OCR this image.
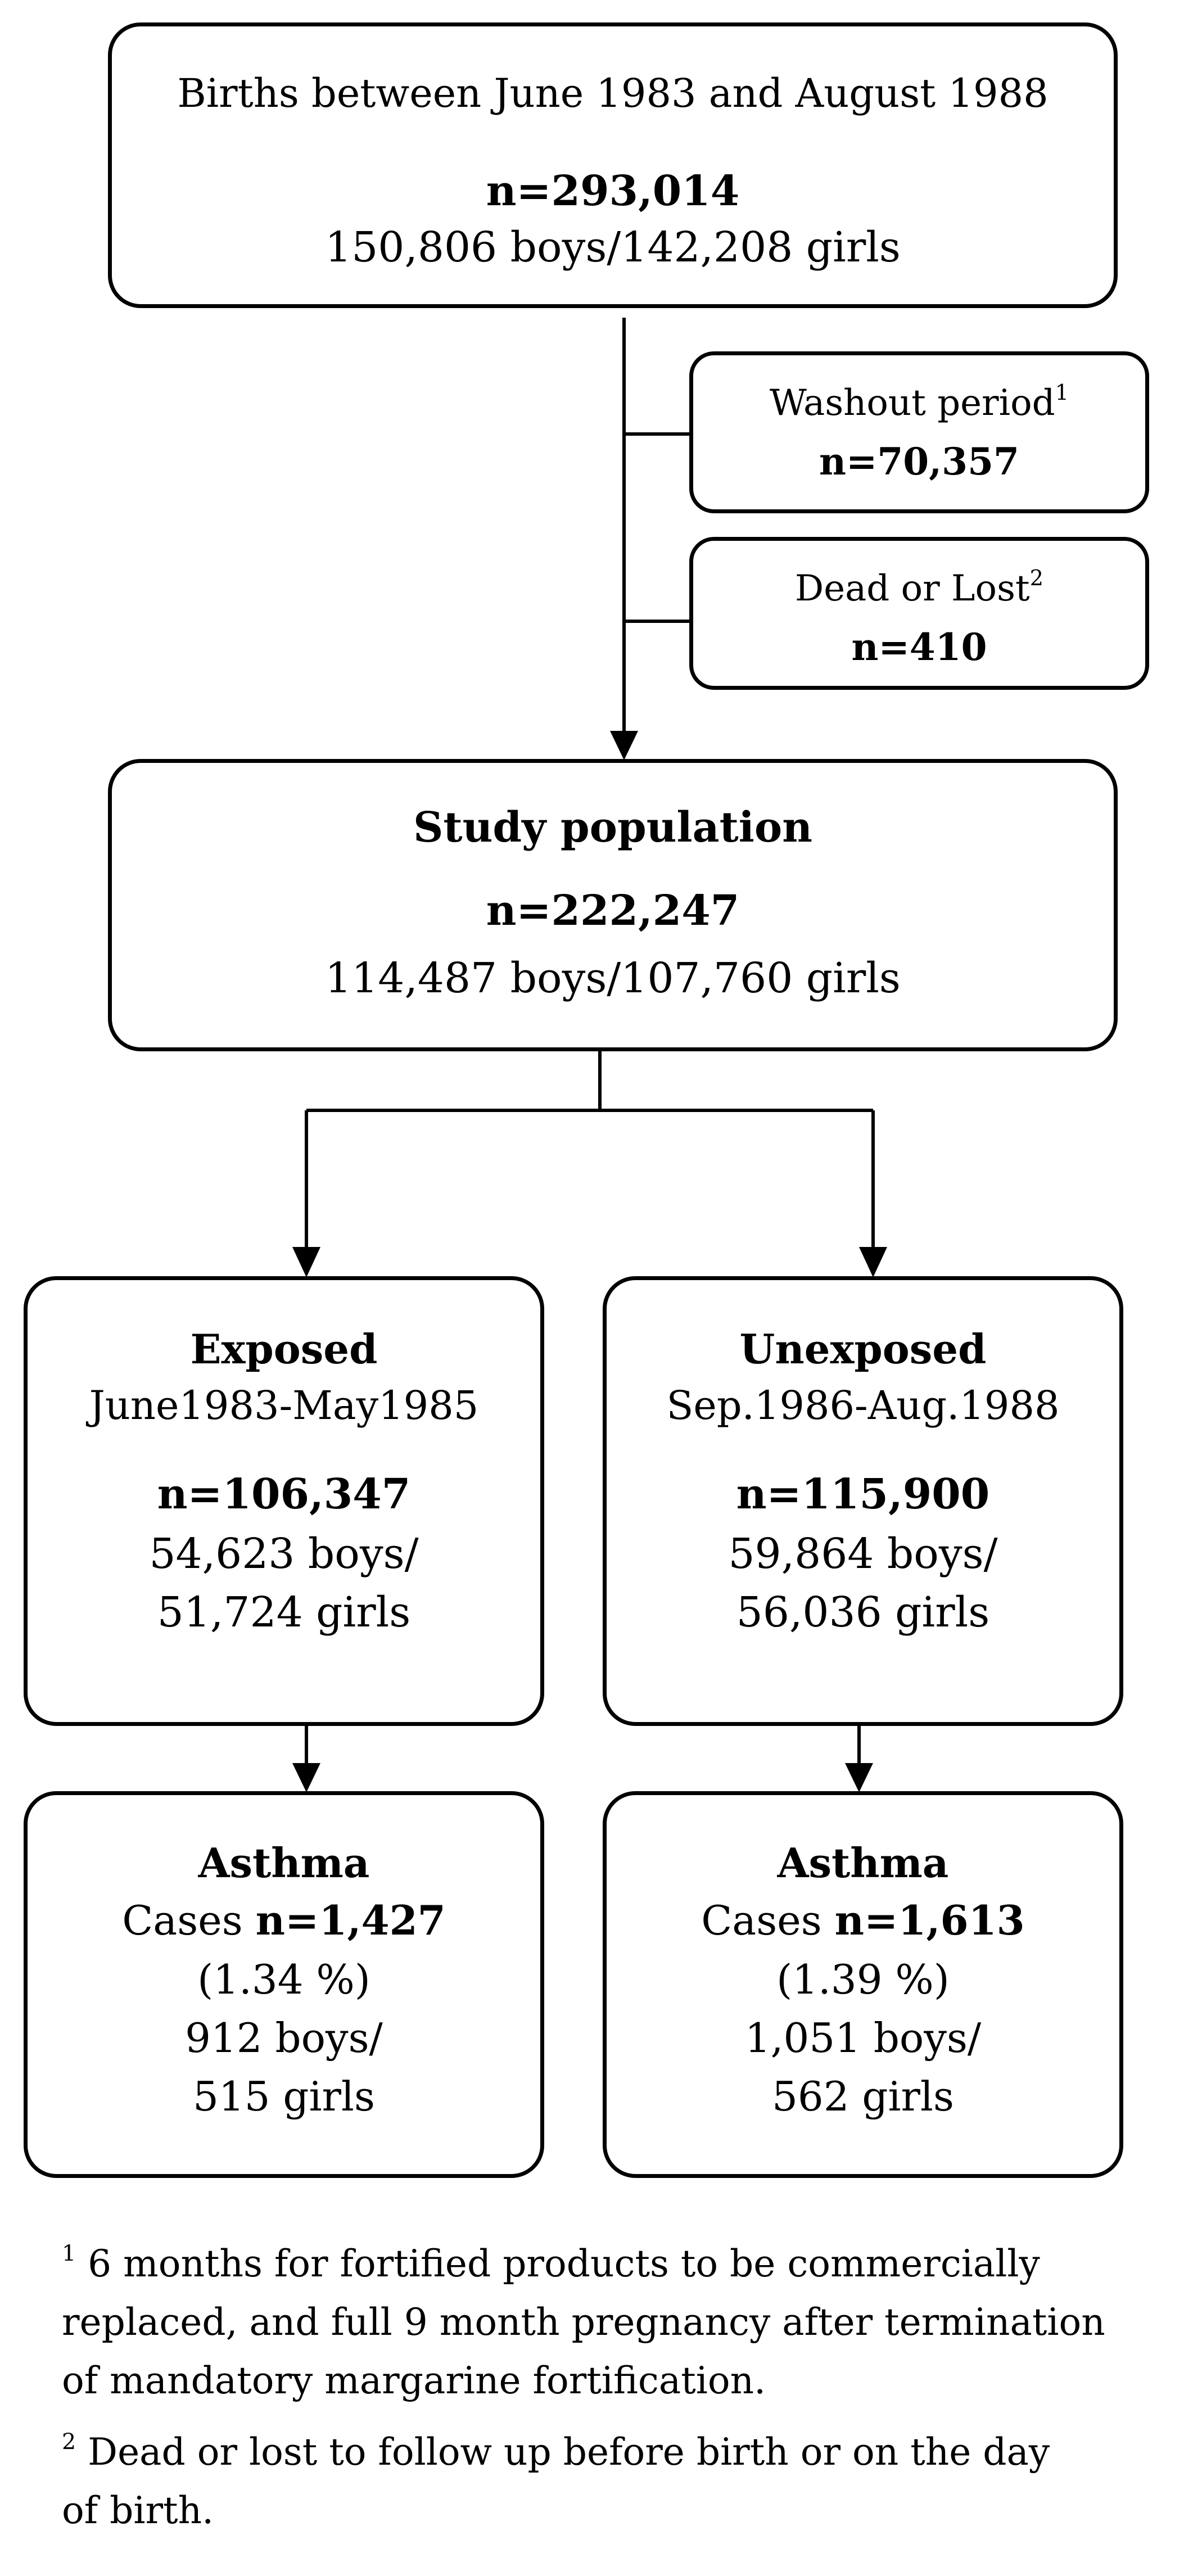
Births between June 1983 and August 1988
n=293,014
150,806 boys/142,208 girls
Washout period$^1$
n=70,357
Dead or Lost$^2$
n=410
Study population
n=222,247
114,487 boys/107,760 girls
Exposed
June1983-May1985
n=106,347
54,623 boys/
51,724 girls
Unexposed
Sep.1986-Aug.1988
n=115,900
59,864 boys/
56,036 girls
Asthma
Cases n=1,427
(1.34 %)
912 boys/
515 girls
Asthma
Cases n=1,613
(1.39 %)
1,051 boys/
562 girls
$^1$ 6 months for fortified products to be commercially
replaced, and full 9 month pregnancy after termination
of mandatory margarine fortification.
$^2$ Dead or lost to follow up before birth or on the day
of birth.
